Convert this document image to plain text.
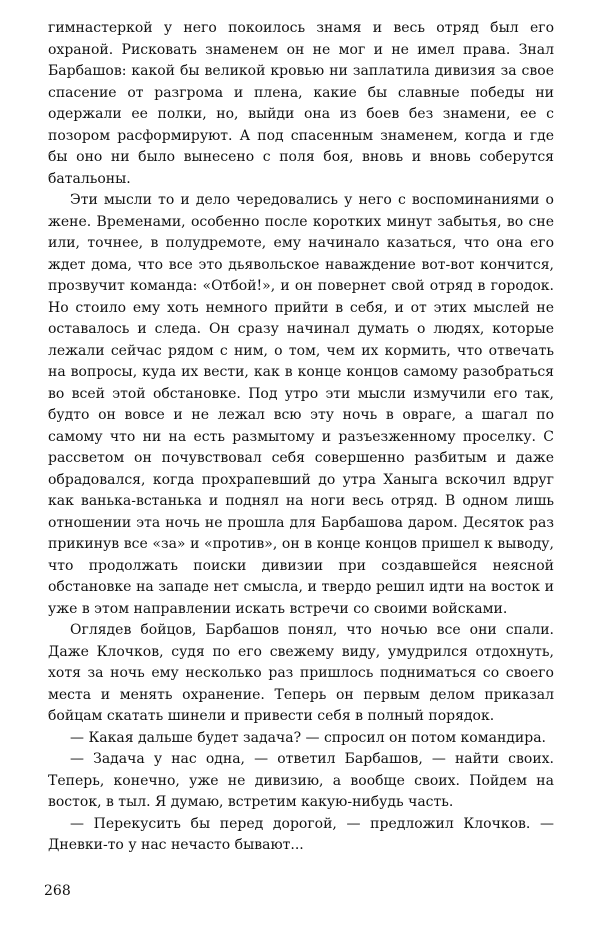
гимнастеркой у него покоилось знамя и весь отряд был его охраной. Рисковать знаменем он не мог и не имел права. Знал Барбашов: какой бы великой кровью ни заплатила дивизия за свое спасение от разгрома и плена, какие бы славные победы ни одержали ее полки, но, выйди она из боев без знамени, ее с позором расформируют. А под спасенным знаменем, когда и где бы оно ни было вынесено с поля боя, вновь и вновь соберутся батальоны.

Эти мысли то и дело чередовались у него с воспоминаниями о жене. Временами, особенно после коротких минут забытья, во сне или, точнее, в полудремоте, ему начинало казаться, что она его ждет дома, что все это дьявольское наваждение вот-вот кончится, прозвучит команда: «Отбой!», и он повернет свой отряд в городок. Но стоило ему хоть немного прийти в себя, и от этих мыслей не оставалось и следа. Он сразу начинал думать о людях, которые лежали сейчас рядом с ним, о том, чем их кормить, что отвечать на вопросы, куда их вести, как в конце концов самому разобраться во всей этой обстановке. Под утро эти мысли измучили его так, будто он вовсе и не лежал всю эту ночь в овраге, а шагал по самому что ни на есть размытому и разъезженному проселку. С рассветом он почувствовал себя совершенно разбитым и даже обрадовался, когда прохрапевший до утра Ханыга вскочил вдруг как ванька-встанька и поднял на ноги весь отряд. В одном лишь отношении эта ночь не прошла для Барбашова даром. Десяток раз прикинув все «за» и «против», он в конце концов пришел к выводу, что продолжать поиски дивизии при создавшейся неясной обстановке на западе нет смысла, и твердо решил идти на восток и уже в этом направлении искать встречи со своими войсками.

Оглядев бойцов, Барбашов понял, что ночью все они спали. Даже Клочков, судя по его свежему виду, умудрился отдохнуть, хотя за ночь ему несколько раз пришлось подниматься со своего места и менять охранение. Теперь он первым делом приказал бойцам скатать шинели и привести себя в полный порядок.

— Какая дальше будет задача? — спросил он потом командира.

— Задача у нас одна, — ответил Барбашов, — найти своих. Теперь, конечно, уже не дивизию, а вообще своих. Пойдем на восток, в тыл. Я думаю, встретим какую-нибудь часть.

— Перекусить бы перед дорогой, — предложил Клочков. — Дневки-то у нас нечасто бывают...

268
